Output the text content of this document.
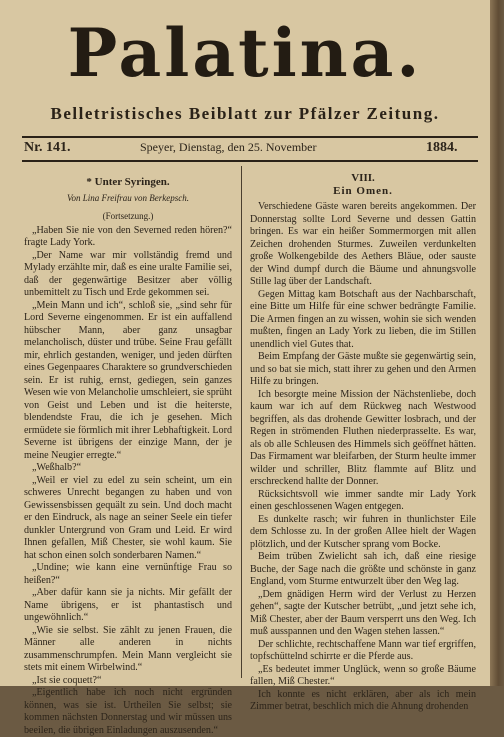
Palatina.
Belletristisches Beiblatt zur Pfälzer Zeitung.
Nr. 141.	Speyer, Dienstag, den 25. November	1884.
* Unter Syringen.
Von Lina Freifrau von Berkepsch.
(Fortsetzung.)

„Haben Sie nie von den Severned reden hören?“ fragte Lady York.

„Der Name war mir vollständig fremd und Mylady erzählte mir, daß es eine uralte Familie sei, daß der gegenwärtige Besitzer aber völlig unbemittelt zu Tisch und Erde gekommen sei.

„Mein Mann und ich“, schloß sie, „sind sehr für Lord Severne eingenommen. Er ist ein auffallend hübscher Mann, aber ganz unsagbar melancholisch, düster und trübe. Seine Frau gefällt mir, ehrlich gestanden, weniger, und jeden dürften eines Gegenpaares Charaktere so grundverschieden sein. Er ist ruhig, ernst, gediegen, sein ganzes Wesen wie von Melancholie umschleiert, sie sprüht von Geist und Leben und ist die heiterste, blendendste Frau, die ich je gesehen. Mich ermüdete sie förmlich mit ihrer Lebhaftigkeit. Lord Severne ist übrigens der einzige Mann, der je meine Neugier erregte.“

„Weßhalb?“

„Weil er viel zu edel zu sein scheint, um ein schweres Unrecht begangen zu haben und von Gewissensbissen gequält zu sein. Und doch macht er den Eindruck, als nage an seiner Seele ein tiefer dunkler Untergrund von Gram und Leid. Er wird Ihnen gefallen, Miß Chester, sie wohl kaum. Sie hat schon einen solch sonderbaren Namen.“

„Undine; wie kann eine vernünftige Frau so heißen?“

„Aber dafür kann sie ja nichts. Mir gefällt der Name übrigens, er ist phantastisch und ungewöhnlich.“

„Wie sie selbst. Sie zählt zu jenen Frauen, die Männer alle anderen in nichts zusammenschrumpfen. Mein Mann vergleicht sie stets mit einem Wirbelwind.“

„Ist sie coquett?“

„Eigentlich habe ich noch nicht ergründen können, was sie ist. Urtheilen Sie selbst; sie kommen nächsten Donnerstag und wir müssen uns beeilen, die übrigen Einladungen auszusenden.“

VIII.
Ein Omen.

Verschiedene Gäste waren bereits angekommen. Der Donnerstag sollte Lord Severne und dessen Gattin bringen. Es war ein heißer Sommermorgen mit allen Zeichen drohenden Sturmes. Zuweilen verdunkelten große Wolkengebilde des Aethers Bläue, oder sauste der Wind dumpf durch die Bäume und ahnungsvolle Stille lag über der Landschaft.

Gegen Mittag kam Botschaft aus der Nachbarschaft, eine Bitte um Hilfe für eine schwer bedrängte Familie. Die Armen fingen an zu wissen, wohin sie sich wenden mußten, fingen an Lady York zu lieben, die im Stillen unendlich viel Gutes that.

Beim Empfang der Gäste mußte sie gegenwärtig sein, und so bat sie mich, statt ihrer zu gehen und den Armen Hilfe zu bringen.

Ich besorgte meine Mission der Nächstenliebe, doch kaum war ich auf dem Rückweg nach Westwood begriffen, als das drohende Gewitter losbrach, und der Regen in strömenden Fluthen niederprasselte. Es war, als ob alle Schleusen des Himmels sich geöffnet hätten. Das Firmament war bleifarben, der Sturm heulte immer wilder und schriller, Blitz flammte auf Blitz und erschreckend hallte der Donner.

Rücksichtsvoll wie immer sandte mir Lady York einen geschlossenen Wagen entgegen.

Es dunkelte rasch; wir fuhren in thunlichster Eile dem Schlosse zu. In der großen Allee hielt der Wagen plötzlich, und der Kutscher sprang vom Bocke.

Beim trüben Zwielicht sah ich, daß eine riesige Buche, der Sage nach die größte und schönste in ganz England, vom Sturme entwurzelt über den Weg lag.

„Dem gnädigen Herrn wird der Verlust zu Herzen gehen“, sagte der Kutscher betrübt, „und jetzt sehe ich, Miß Chester, aber der Baum versperrt uns den Weg. Ich muß ausspannen und den Wagen stehen lassen.“

Der schlichte, rechtschaffene Mann war tief ergriffen, topfschüttelnd schirrte er die Pferde aus.

„Es bedeutet immer Unglück, wenn so große Bäume fallen, Miß Chester.“

Ich konnte es nicht erklären, aber als ich mein Zimmer betrat, beschlich mich die Ahnung drohenden
